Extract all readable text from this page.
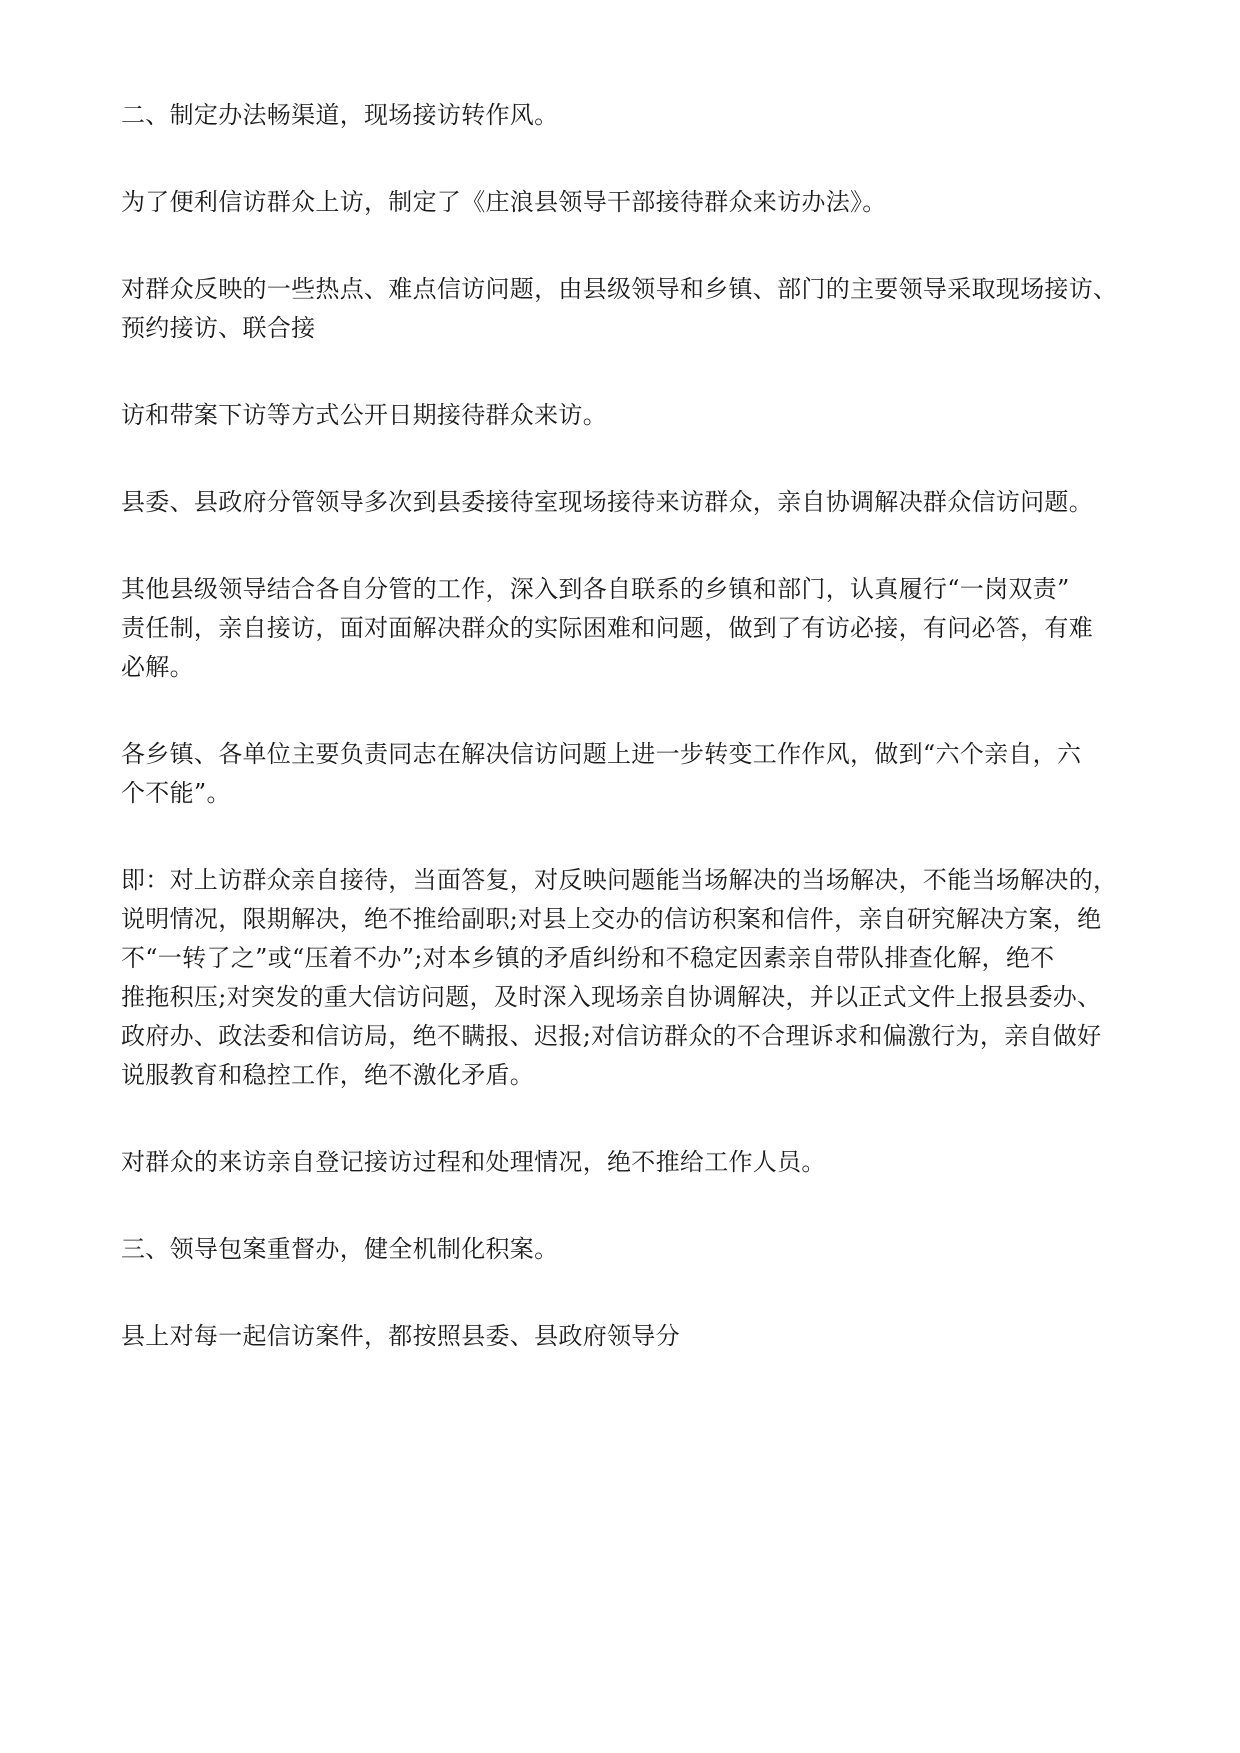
二、制定办法畅渠道，现场接访转作风。

为了便利信访群众上访，制定了《庄浪县领导干部接待群众来访办法》。

对群众反映的一些热点、难点信访问题，由县级领导和乡镇、部门的主要领导采取现场接访、
预约接访、联合接

访和带案下访等方式公开日期接待群众来访。

县委、县政府分管领导多次到县委接待室现场接待来访群众，亲自协调解决群众信访问题。

其他县级领导结合各自分管的工作，深入到各自联系的乡镇和部门，认真履行“一岗双责”
责任制，亲自接访，面对面解决群众的实际困难和问题，做到了有访必接，有问必答，有难
必解。

各乡镇、各单位主要负责同志在解决信访问题上进一步转变工作作风，做到“六个亲自，六
个不能”。

即：对上访群众亲自接待，当面答复，对反映问题能当场解决的当场解决，不能当场解决的，
说明情况，限期解决，绝不推给副职;对县上交办的信访积案和信件，亲自研究解决方案，绝
不“一转了之”或“压着不办”;对本乡镇的矛盾纠纷和不稳定因素亲自带队排查化解，绝不
推拖积压;对突发的重大信访问题，及时深入现场亲自协调解决，并以正式文件上报县委办、
政府办、政法委和信访局，绝不瞒报、迟报;对信访群众的不合理诉求和偏激行为，亲自做好
说服教育和稳控工作，绝不激化矛盾。

对群众的来访亲自登记接访过程和处理情况，绝不推给工作人员。

三、领导包案重督办，健全机制化积案。

县上对每一起信访案件，都按照县委、县政府领导分
